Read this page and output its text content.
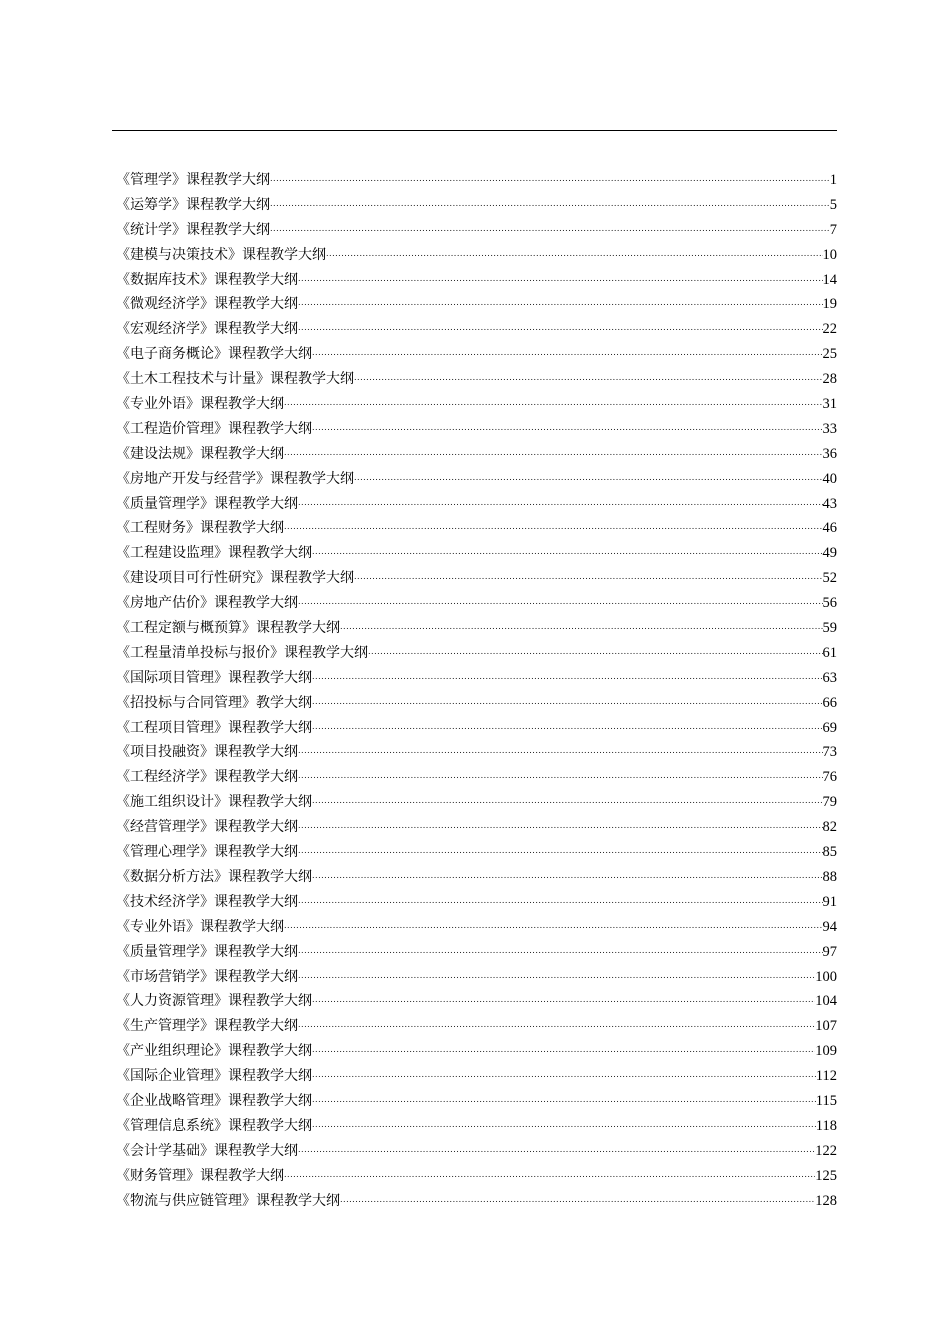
《管理学》课程教学大纲 .....	1
《运筹学》课程教学大纲 .....	5
《统计学》课程教学大纲 .....	7
《建模与决策技术》课程教学大纲 .....	10
《数据库技术》课程教学大纲 .....	14
《微观经济学》课程教学大纲 .....	19
《宏观经济学》课程教学大纲 .....	22
《电子商务概论》课程教学大纲 .....	25
《土木工程技术与计量》课程教学大纲 .....	28
《专业外语》课程教学大纲 .....	31
《工程造价管理》课程教学大纲 .....	33
《建设法规》课程教学大纲 .....	36
《房地产开发与经营学》课程教学大纲 .....	40
《质量管理学》课程教学大纲 .....	43
《工程财务》课程教学大纲 .....	46
《工程建设监理》课程教学大纲 .....	49
《建设项目可行性研究》课程教学大纲 .....	52
《房地产估价》课程教学大纲 .....	56
《工程定额与概预算》课程教学大纲 .....	59
《工程量清单投标与报价》课程教学大纲 .....	61
《国际项目管理》课程教学大纲 .....	63
《招投标与合同管理》教学大纲 .....	66
《工程项目管理》课程教学大纲 .....	69
《项目投融资》课程教学大纲 .....	73
《工程经济学》课程教学大纲 .....	76
《施工组织设计》课程教学大纲 .....	79
《经营管理学》课程教学大纲 .....	82
《管理心理学》课程教学大纲 .....	85
《数据分析方法》课程教学大纲 .....	88
《技术经济学》课程教学大纲 .....	91
《专业外语》课程教学大纲 .....	94
《质量管理学》课程教学大纲 .....	97
《市场营销学》课程教学大纲 .....	100
《人力资源管理》课程教学大纲 .....	104
《生产管理学》课程教学大纲 .....	107
《产业组织理论》课程教学大纲 .....	109
《国际企业管理》课程教学大纲 .....	112
《企业战略管理》课程教学大纲 .....	115
《管理信息系统》课程教学大纲 .....	118
《会计学基础》课程教学大纲 .....	122
《财务管理》课程教学大纲 .....	125
《物流与供应链管理》课程教学大纲 .....	128
